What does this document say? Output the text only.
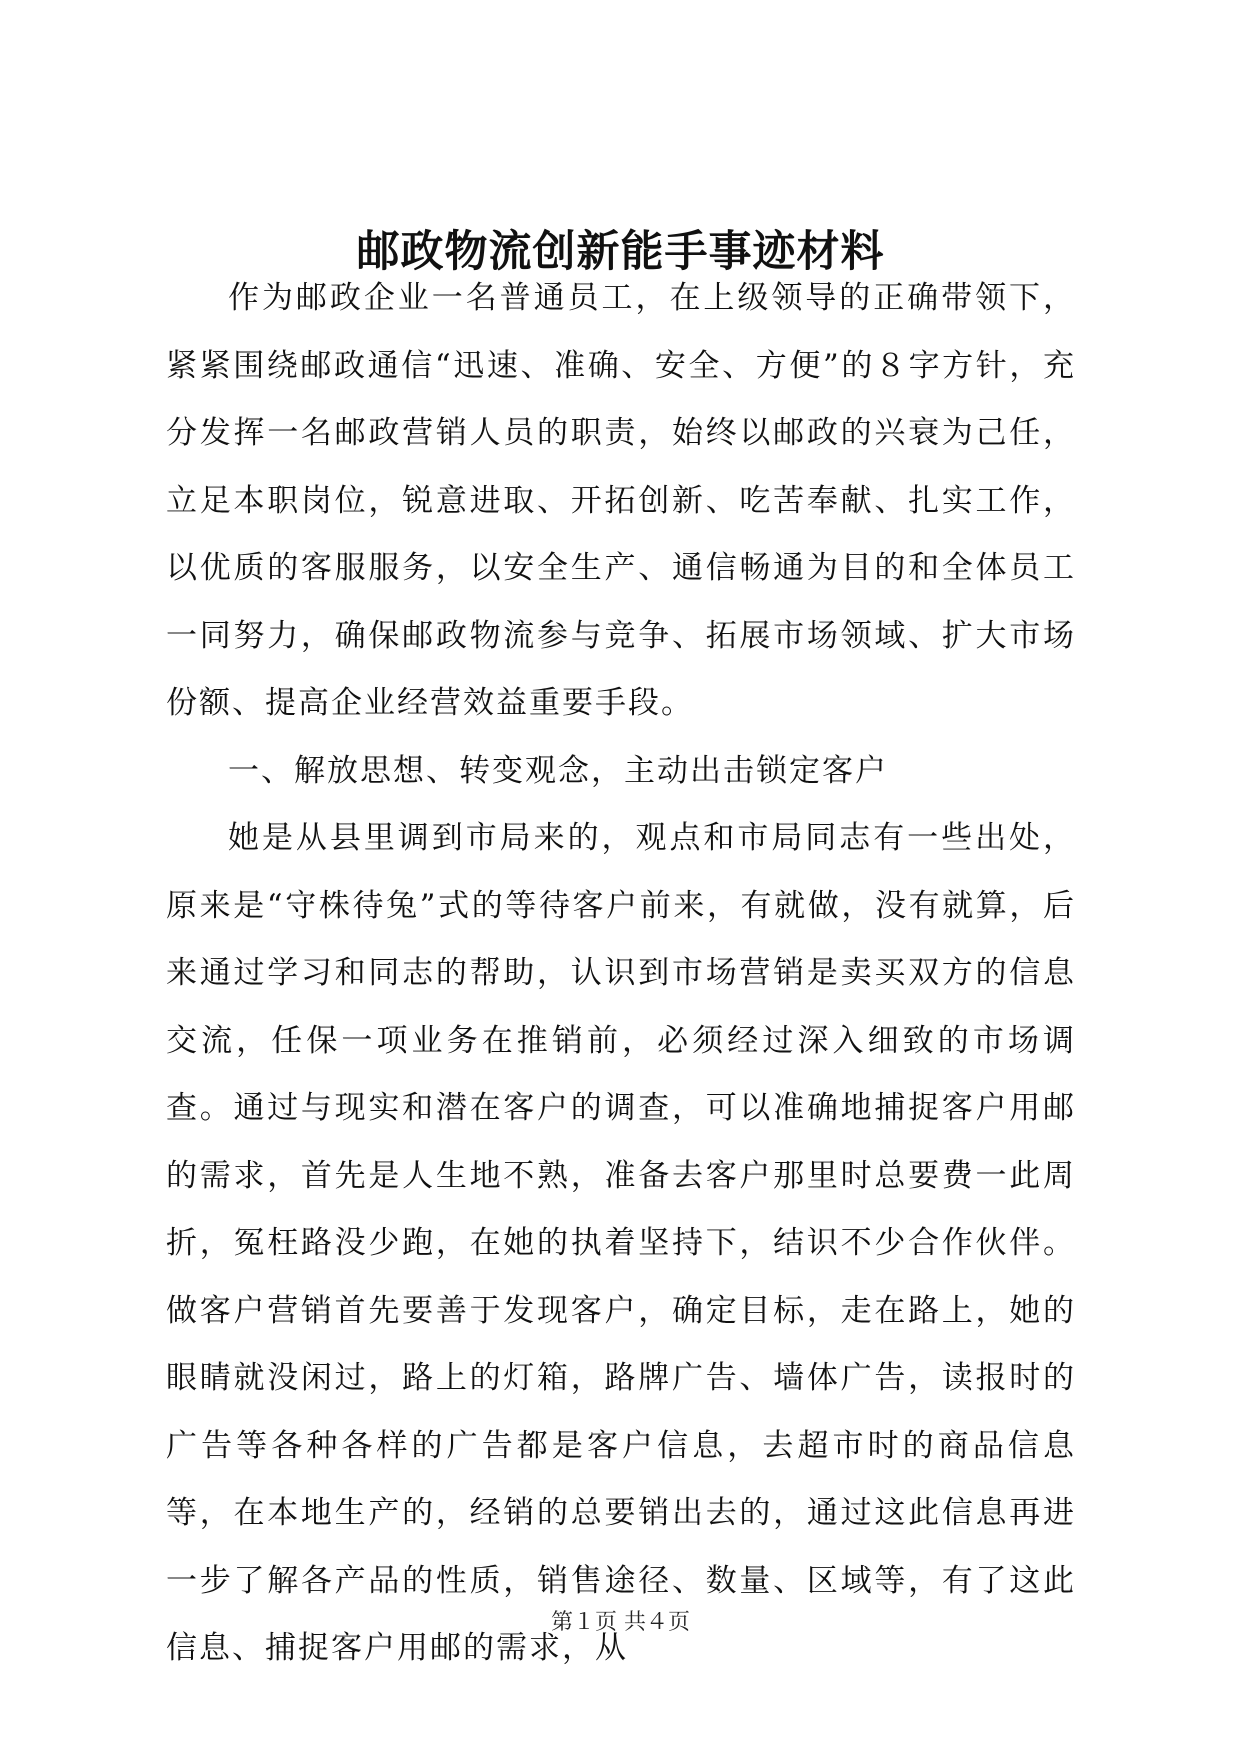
邮政物流创新能手事迹材料

作为邮政企业一名普通员工，在上级领导的正确带领下，紧紧围绕邮政通信“迅速、准确、安全、方便”的８字方针，充分发挥一名邮政营销人员的职责，始终以邮政的兴衰为己任，立足本职岗位，锐意进取、开拓创新、吃苦奉献、扎实工作，以优质的客服服务，以安全生产、通信畅通为目的和全体员工一同努力，确保邮政物流参与竞争、拓展市场领域、扩大市场份额、提高企业经营效益重要手段。

一、解放思想、转变观念，主动出击锁定客户

她是从县里调到市局来的，观点和市局同志有一些出处，原来是“守株待兔”式的等待客户前来，有就做，没有就算，后来通过学习和同志的帮助，认识到市场营销是卖买双方的信息交流，任保一项业务在推销前，必须经过深入细致的市场调查。通过与现实和潜在客户的调查，可以准确地捕捉客户用邮的需求，首先是人生地不熟，准备去客户那里时总要费一此周折，冤枉路没少跑，在她的执着坚持下，结识不少合作伙伴。做客户营销首先要善于发现客户，确定目标，走在路上，她的眼睛就没闲过，路上的灯箱，路牌广告、墙体广告，读报时的广告等各种各样的广告都是客户信息，去超市时的商品信息等，在本地生产的，经销的总要销出去的，通过这此信息再进一步了解各产品的性质，销售途径、数量、区域等，有了这此信息、捕捉客户用邮的需求，从

第１页 共４页
